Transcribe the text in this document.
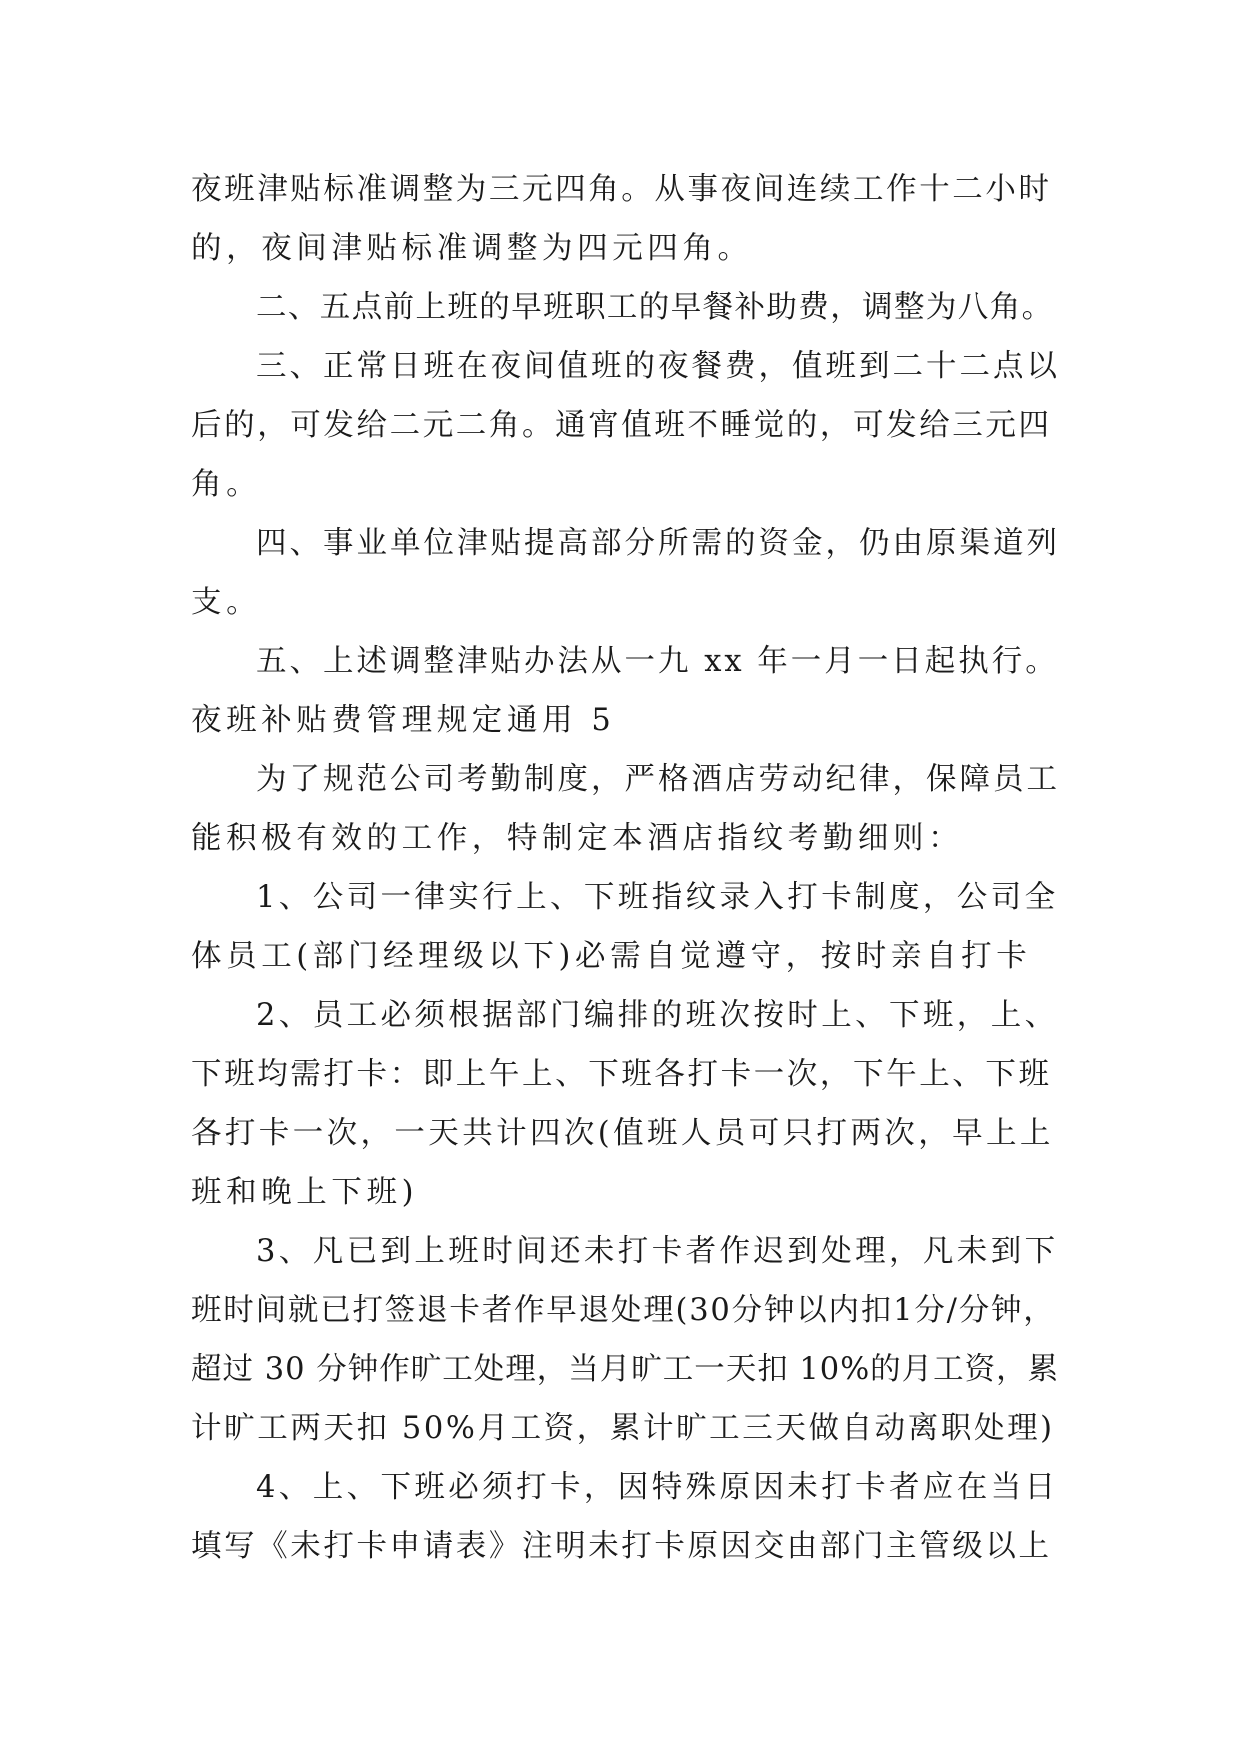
夜班津贴标准调整为三元四角。从事夜间连续工作十二小时
的，夜间津贴标准调整为四元四角。
二、五点前上班的早班职工的早餐补助费，调整为八角。
三、正常日班在夜间值班的夜餐费，值班到二十二点以
后的，可发给二元二角。通宵值班不睡觉的，可发给三元四
角。
四、事业单位津贴提高部分所需的资金，仍由原渠道列
支。
五、上述调整津贴办法从一九 xx 年一月一日起执行。
夜班补贴费管理规定通用 5
为了规范公司考勤制度，严格酒店劳动纪律，保障员工
能积极有效的工作，特制定本酒店指纹考勤细则：
1、公司一律实行上、下班指纹录入打卡制度，公司全
体员工(部门经理级以下)必需自觉遵守，按时亲自打卡
2、员工必须根据部门编排的班次按时上、下班，上、
下班均需打卡：即上午上、下班各打卡一次，下午上、下班
各打卡一次，一天共计四次(值班人员可只打两次，早上上
班和晚上下班)
3、凡已到上班时间还未打卡者作迟到处理，凡未到下
班时间就已打签退卡者作早退处理(30分钟以内扣1分/分钟，
超过 30 分钟作旷工处理，当月旷工一天扣 10%的月工资，累
计旷工两天扣 50%月工资，累计旷工三天做自动离职处理)
4、上、下班必须打卡，因特殊原因未打卡者应在当日
填写《未打卡申请表》注明未打卡原因交由部门主管级以上
